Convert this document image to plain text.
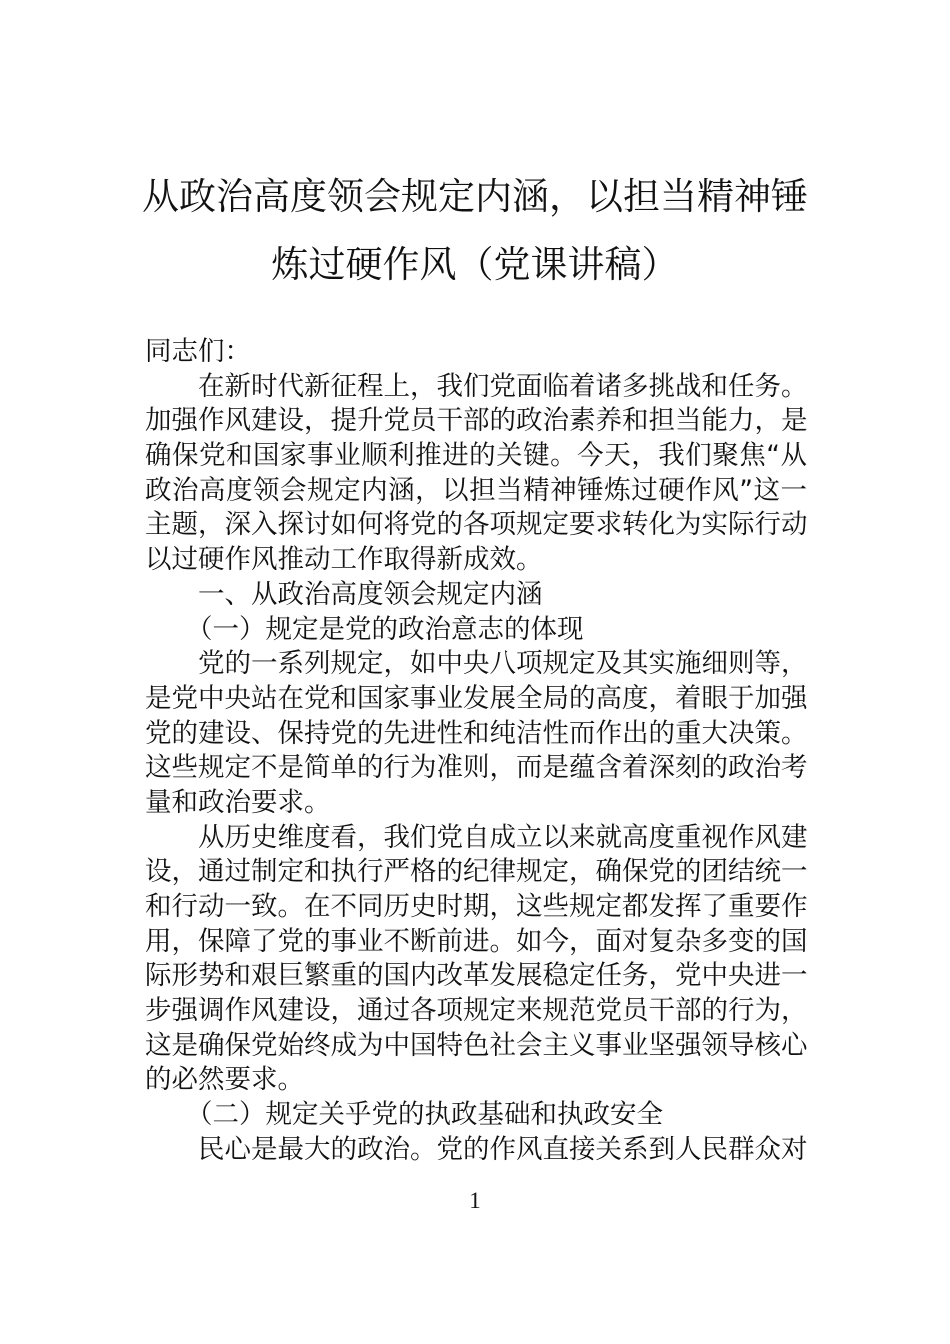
从政治高度领会规定内涵，以担当精神锤
炼过硬作风（党课讲稿）
同志们：
在新时代新征程上，我们党面临着诸多挑战和任务。
加强作风建设，提升党员干部的政治素养和担当能力，是
确保党和国家事业顺利推进的关键。今天，我们聚焦“从
政治高度领会规定内涵，以担当精神锤炼过硬作风”这一
主题，深入探讨如何将党的各项规定要求转化为实际行动
以过硬作风推动工作取得新成效。
一、从政治高度领会规定内涵
（一）规定是党的政治意志的体现
党的一系列规定，如中央八项规定及其实施细则等，
是党中央站在党和国家事业发展全局的高度，着眼于加强
党的建设、保持党的先进性和纯洁性而作出的重大决策。
这些规定不是简单的行为准则，而是蕴含着深刻的政治考
量和政治要求。
从历史维度看，我们党自成立以来就高度重视作风建
设，通过制定和执行严格的纪律规定，确保党的团结统一
和行动一致。在不同历史时期，这些规定都发挥了重要作
用，保障了党的事业不断前进。如今，面对复杂多变的国
际形势和艰巨繁重的国内改革发展稳定任务，党中央进一
步强调作风建设，通过各项规定来规范党员干部的行为，
这是确保党始终成为中国特色社会主义事业坚强领导核心
的必然要求。
（二）规定关乎党的执政基础和执政安全
民心是最大的政治。党的作风直接关系到人民群众对
1
